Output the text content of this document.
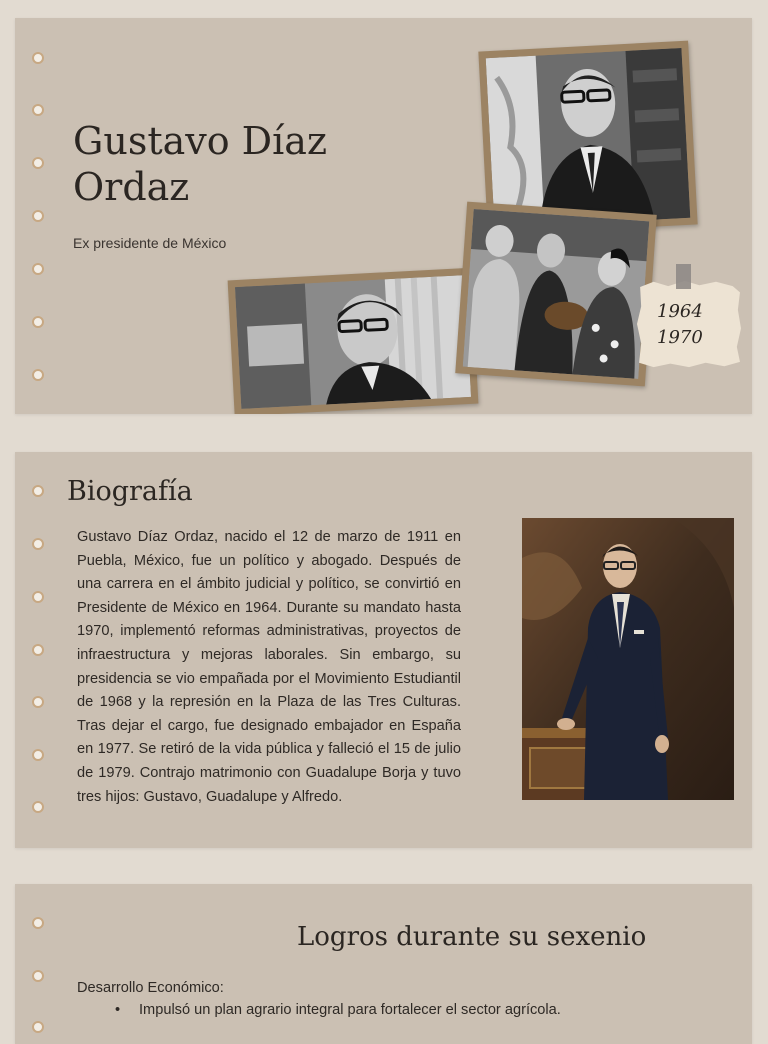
Gustavo Díaz
Ordaz
Ex presidente de México
1964
1970
Biografía

Gustavo Díaz Ordaz, nacido el 12 de marzo de 1911 en Puebla, México, fue un político y abogado. Después de una carrera en el ámbito judicial y político, se convirtió en Presidente de México en 1964. Durante su mandato hasta 1970, implementó reformas administrativas, proyectos de infraestructura y mejoras laborales. Sin embargo, su presidencia se vio empañada por el Movimiento Estudiantil de 1968 y la represión en la Plaza de las Tres Culturas. Tras dejar el cargo, fue designado embajador en España en 1977. Se retiró de la vida pública y falleció el 15 de julio de 1979. Contrajo matrimonio con Guadalupe Borja y tuvo tres hijos: Gustavo, Guadalupe y Alfredo.

Logros durante su sexenio
Desarrollo Económico:
• Impulsó un plan agrario integral para fortalecer el sector agrícola.
